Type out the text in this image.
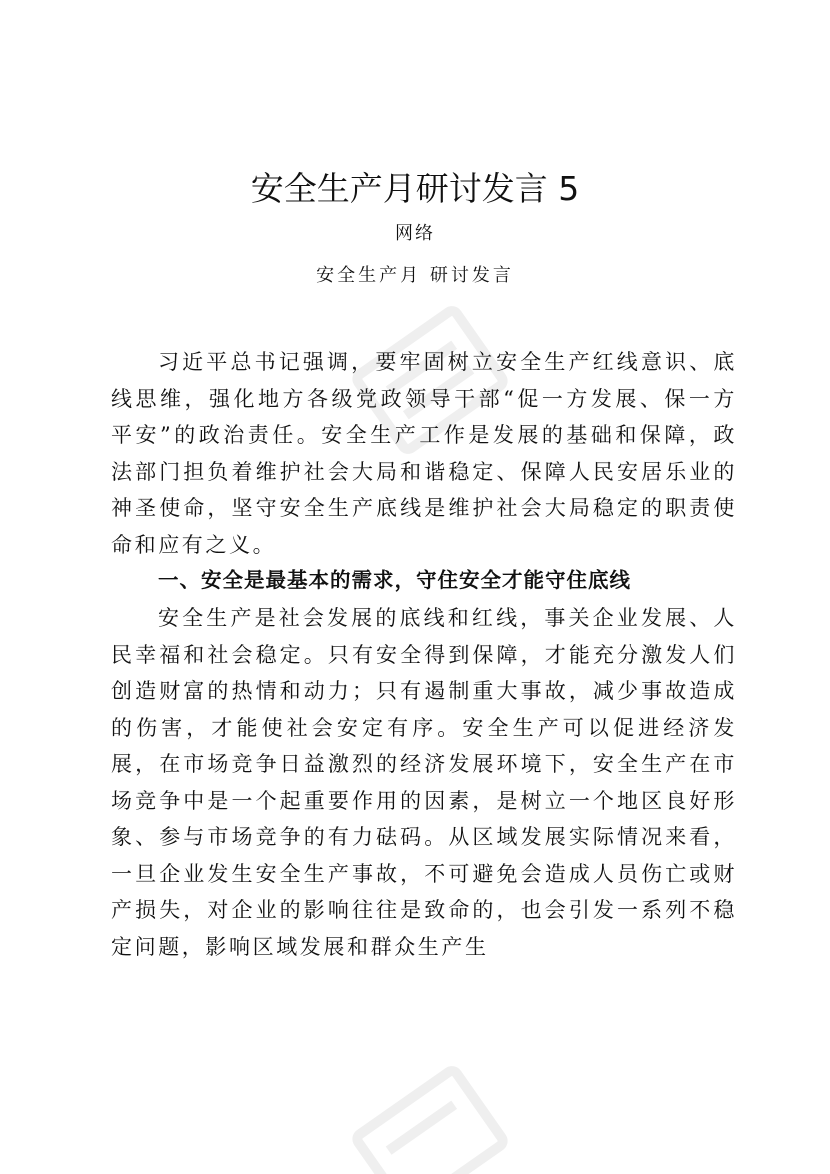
安全生产月研讨发言 5
网络
安全生产月 研讨发言

习近平总书记强调，要牢固树立安全生产红线意识、底线思维，强化地方各级党政领导干部“促一方发展、保一方平安”的政治责任。安全生产工作是发展的基础和保障，政法部门担负着维护社会大局和谐稳定、保障人民安居乐业的神圣使命，坚守安全生产底线是维护社会大局稳定的职责使命和应有之义。

一、安全是最基本的需求，守住安全才能守住底线

安全生产是社会发展的底线和红线，事关企业发展、人民幸福和社会稳定。只有安全得到保障，才能充分激发人们创造财富的热情和动力；只有遏制重大事故，减少事故造成的伤害，才能使社会安定有序。安全生产可以促进经济发展，在市场竞争日益激烈的经济发展环境下，安全生产在市场竞争中是一个起重要作用的因素，是树立一个地区良好形象、参与市场竞争的有力砝码。从区域发展实际情况来看，一旦企业发生安全生产事故，不可避免会造成人员伤亡或财产损失，对企业的影响往往是致命的，也会引发一系列不稳定问题，影响区域发展和群众生产生
